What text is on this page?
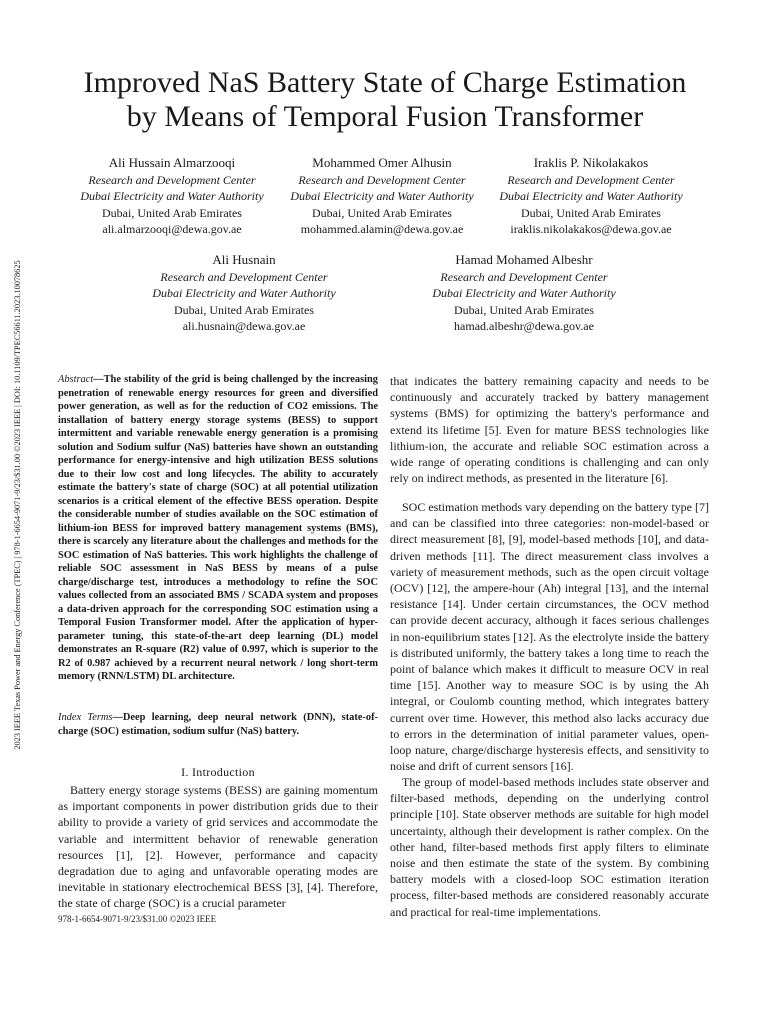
2023 IEEE Texas Power and Energy Conference (TPEC) | 978-1-6654-9071-9/23/$31.00 ©2023 IEEE | DOI: 10.1109/TPEC56611.2023.10078625
Improved NaS Battery State of Charge Estimation
by Means of Temporal Fusion Transformer
Ali Hussain Almarzooqi
Research and Development Center
Dubai Electricity and Water Authority
Dubai, United Arab Emirates
ali.almarzooqi@dewa.gov.ae
Mohammed Omer Alhusin
Research and Development Center
Dubai Electricity and Water Authority
Dubai, United Arab Emirates
mohammed.alamin@dewa.gov.ae
Iraklis P. Nikolakakos
Research and Development Center
Dubai Electricity and Water Authority
Dubai, United Arab Emirates
iraklis.nikolakakos@dewa.gov.ae
Ali Husnain
Research and Development Center
Dubai Electricity and Water Authority
Dubai, United Arab Emirates
ali.husnain@dewa.gov.ae
Hamad Mohamed Albeshr
Research and Development Center
Dubai Electricity and Water Authority
Dubai, United Arab Emirates
hamad.albeshr@dewa.gov.ae

Abstract—The stability of the grid is being challenged by the increasing penetration of renewable energy resources for green and diversified power generation, as well as for the reduction of CO2 emissions. The installation of battery energy storage systems (BESS) to support intermittent and variable renewable energy generation is a promising solution and Sodium sulfur (NaS) batteries have shown an outstanding performance for energy-intensive and high utilization BESS solutions due to their low cost and long lifecycles. The ability to accurately estimate the battery's state of charge (SOC) at all potential utilization scenarios is a critical element of the effective BESS operation. Despite the considerable number of studies available on the SOC estimation of lithium-ion BESS for improved battery management systems (BMS), there is scarcely any literature about the challenges and methods for the SOC estimation of NaS batteries. This work highlights the challenge of reliable SOC assessment in NaS BESS by means of a pulse charge/discharge test, introduces a methodology to refine the SOC values collected from an associated BMS / SCADA system and proposes a data-driven approach for the corresponding SOC estimation using a Temporal Fusion Transformer model. After the application of hyper-parameter tuning, this state-of-the-art deep learning (DL) model demonstrates an R-square (R2) value of 0.997, which is superior to the R2 of 0.987 achieved by a recurrent neural network / long short-term memory (RNN/LSTM) DL architecture.

Index Terms—Deep learning, deep neural network (DNN), state-of-charge (SOC) estimation, sodium sulfur (NaS) battery.

I. Introduction

Battery energy storage systems (BESS) are gaining momentum as important components in power distribution grids due to their ability to provide a variety of grid services and accommodate the variable and intermittent behavior of renewable generation resources [1], [2]. However, performance and capacity degradation due to aging and unfavorable operating modes are inevitable in stationary electrochemical BESS [3], [4]. Therefore, the state of charge (SOC) is a crucial parameter

that indicates the battery remaining capacity and needs to be continuously and accurately tracked by battery management systems (BMS) for optimizing the battery's performance and extend its lifetime [5]. Even for mature BESS technologies like lithium-ion, the accurate and reliable SOC estimation across a wide range of operating conditions is challenging and can only rely on indirect methods, as presented in the literature [6].

SOC estimation methods vary depending on the battery type [7] and can be classified into three categories: non-model-based or direct measurement [8], [9], model-based methods [10], and data-driven methods [11]. The direct measurement class involves a variety of measurement methods, such as the open circuit voltage (OCV) [12], the ampere-hour (Ah) integral [13], and the internal resistance [14]. Under certain circumstances, the OCV method can provide decent accuracy, although it faces serious challenges in non-equilibrium states [12]. As the electrolyte inside the battery is distributed uniformly, the battery takes a long time to reach the point of balance which makes it difficult to measure OCV in real time [15]. Another way to measure SOC is by using the Ah integral, or Coulomb counting method, which integrates battery current over time. However, this method also lacks accuracy due to errors in the determination of initial parameter values, open-loop nature, charge/discharge hysteresis effects, and sensitivity to noise and drift of current sensors [16].

The group of model-based methods includes state observer and filter-based methods, depending on the underlying control principle [10]. State observer methods are suitable for high model uncertainty, although their development is rather complex. On the other hand, filter-based methods first apply filters to eliminate noise and then estimate the state of the system. By combining battery models with a closed-loop SOC estimation iteration process, filter-based methods are considered reasonably accurate and practical for real-time implementations.

978-1-6654-9071-9/23/$31.00 ©2023 IEEE
